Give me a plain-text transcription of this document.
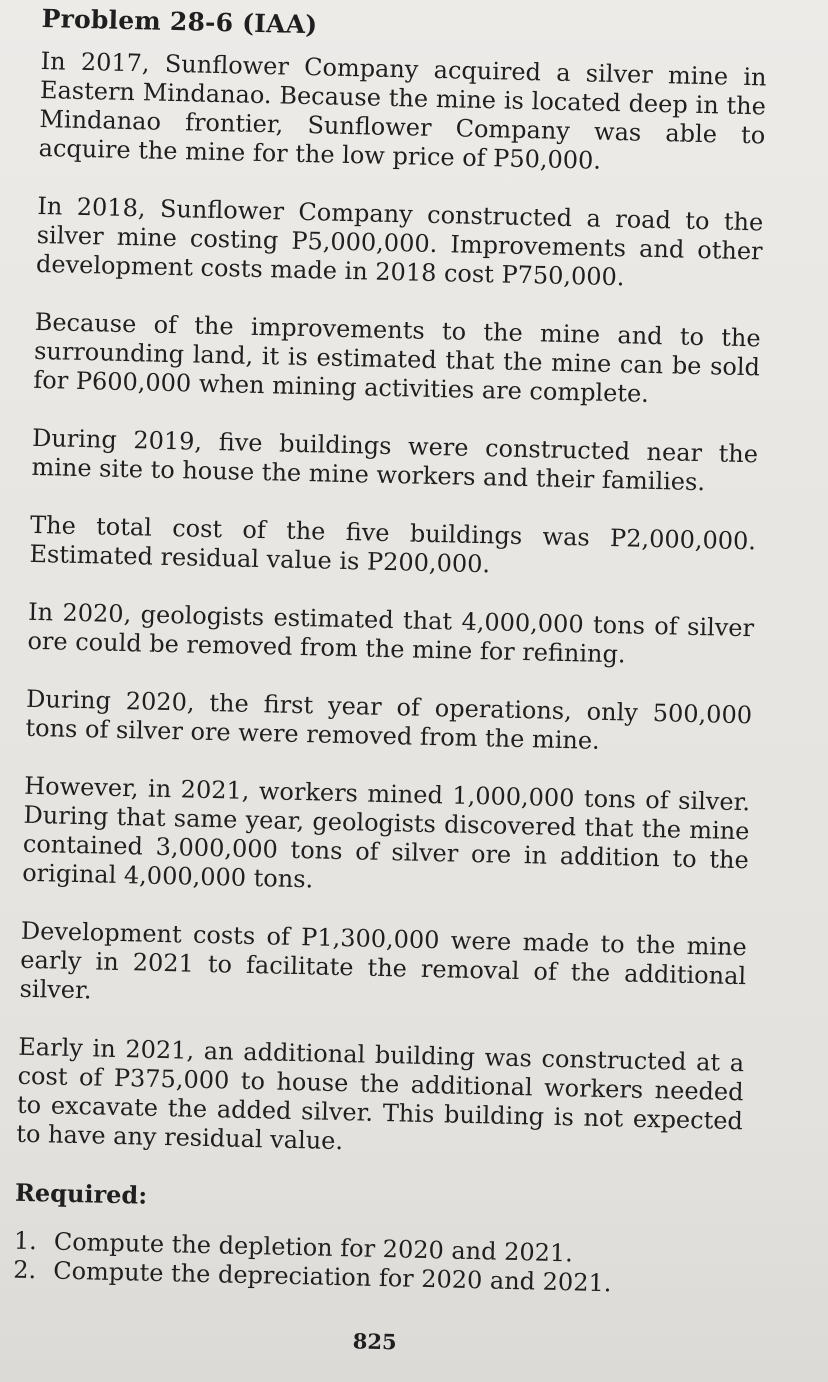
Problem 28-6 (IAA)

In 2017, Sunflower Company acquired a silver mine in Eastern Mindanao. Because the mine is located deep in the Mindanao frontier, Sunflower Company was able to acquire the mine for the low price of P50,000.

In 2018, Sunflower Company constructed a road to the silver mine costing P5,000,000. Improvements and other development costs made in 2018 cost P750,000.

Because of the improvements to the mine and to the surrounding land, it is estimated that the mine can be sold for P600,000 when mining activities are complete.

During 2019, five buildings were constructed near the mine site to house the mine workers and their families.

The total cost of the five buildings was P2,000,000. Estimated residual value is P200,000.

In 2020, geologists estimated that 4,000,000 tons of silver ore could be removed from the mine for refining.

During 2020, the first year of operations, only 500,000 tons of silver ore were removed from the mine.

However, in 2021, workers mined 1,000,000 tons of silver. During that same year, geologists discovered that the mine contained 3,000,000 tons of silver ore in addition to the original 4,000,000 tons.

Development costs of P1,300,000 were made to the mine early in 2021 to facilitate the removal of the additional silver.

Early in 2021, an additional building was constructed at a cost of P375,000 to house the additional workers needed to excavate the added silver. This building is not expected to have any residual value.

Required:
1. Compute the depletion for 2020 and 2021.
2. Compute the depreciation for 2020 and 2021.
825
